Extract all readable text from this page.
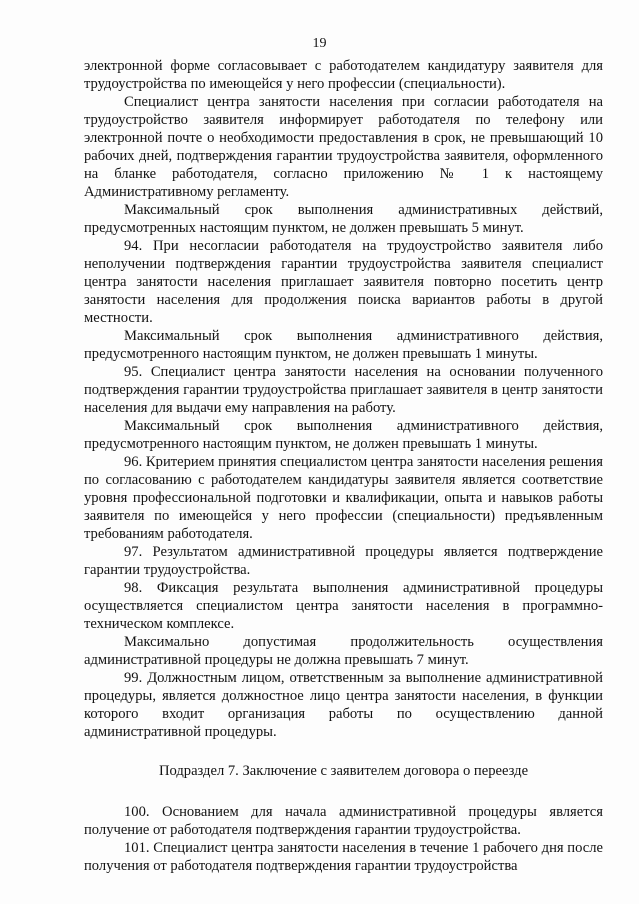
19

электронной форме согласовывает с работодателем кандидатуру заявителя для трудоустройства по имеющейся у него профессии (специальности).

Специалист центра занятости населения при согласии работодателя на трудоустройство заявителя информирует работодателя по телефону или электронной почте о необходимости предоставления в срок, не превышающий 10 рабочих дней, подтверждения гарантии трудоустройства заявителя, оформленного на бланке работодателя, согласно приложению № 1 к настоящему Административному регламенту.

Максимальный срок выполнения административных действий, предусмотренных настоящим пунктом, не должен превышать 5 минут.

94. При несогласии работодателя на трудоустройство заявителя либо неполучении подтверждения гарантии трудоустройства заявителя специалист центра занятости населения приглашает заявителя повторно посетить центр занятости населения для продолжения поиска вариантов работы в другой местности.

Максимальный срок выполнения административного действия, предусмотренного настоящим пунктом, не должен превышать 1 минуты.

95. Специалист центра занятости населения на основании полученного подтверждения гарантии трудоустройства приглашает заявителя в центр занятости населения для выдачи ему направления на работу.

Максимальный срок выполнения административного действия, предусмотренного настоящим пунктом, не должен превышать 1 минуты.

96. Критерием принятия специалистом центра занятости населения решения по согласованию с работодателем кандидатуры заявителя является соответствие уровня профессиональной подготовки и квалификации, опыта и навыков работы заявителя по имеющейся у него профессии (специальности) предъявленным требованиям работодателя.

97. Результатом административной процедуры является подтверждение гарантии трудоустройства.

98. Фиксация результата выполнения административной процедуры осуществляется специалистом центра занятости населения в программно-техническом комплексе.

Максимально допустимая продолжительность осуществления административной процедуры не должна превышать 7 минут.

99. Должностным лицом, ответственным за выполнение административной процедуры, является должностное лицо центра занятости населения, в функции которого входит организация работы по осуществлению данной административной процедуры.

Подраздел 7. Заключение с заявителем договора о переезде

100. Основанием для начала административной процедуры является получение от работодателя подтверждения гарантии трудоустройства.

101. Специалист центра занятости населения в течение 1 рабочего дня после получения от работодателя подтверждения гарантии трудоустройства
